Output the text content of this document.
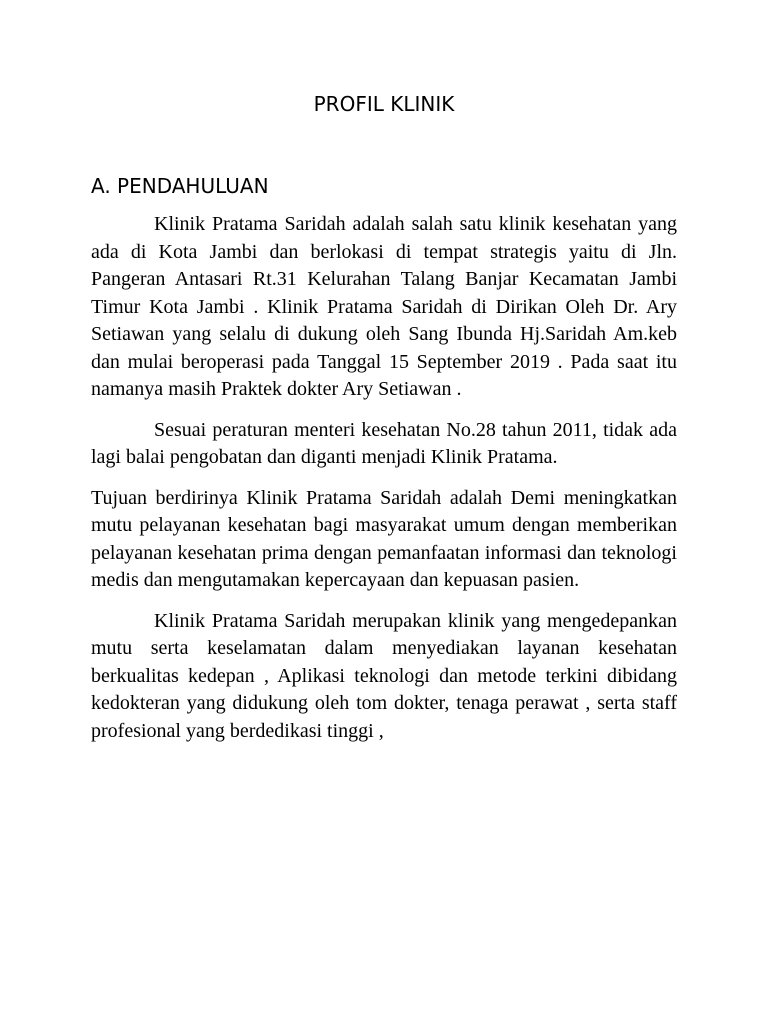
PROFIL KLINIK
A. PENDAHULUAN

Klinik Pratama Saridah adalah salah satu klinik kesehatan yang ada di Kota Jambi dan berlokasi di tempat strategis yaitu di Jln. Pangeran Antasari Rt.31 Kelurahan Talang Banjar Kecamatan Jambi Timur Kota Jambi . Klinik Pratama Saridah di Dirikan Oleh Dr. Ary Setiawan yang selalu di dukung oleh Sang Ibunda Hj.Saridah Am.keb dan mulai beroperasi pada Tanggal 15 September 2019 . Pada saat itu namanya masih Praktek dokter Ary Setiawan .

Sesuai peraturan menteri kesehatan No.28 tahun 2011, tidak ada lagi balai pengobatan dan diganti menjadi Klinik Pratama.

Tujuan berdirinya Klinik Pratama Saridah adalah Demi meningkatkan mutu pelayanan kesehatan bagi masyarakat umum dengan memberikan pelayanan kesehatan prima dengan pemanfaatan informasi dan teknologi medis dan mengutamakan kepercayaan dan kepuasan pasien.

Klinik Pratama Saridah merupakan klinik yang mengedepankan mutu serta keselamatan dalam menyediakan layanan kesehatan berkualitas kedepan , Aplikasi teknologi dan metode terkini dibidang kedokteran yang didukung oleh tom dokter, tenaga perawat , serta staff profesional yang berdedikasi tinggi ,
